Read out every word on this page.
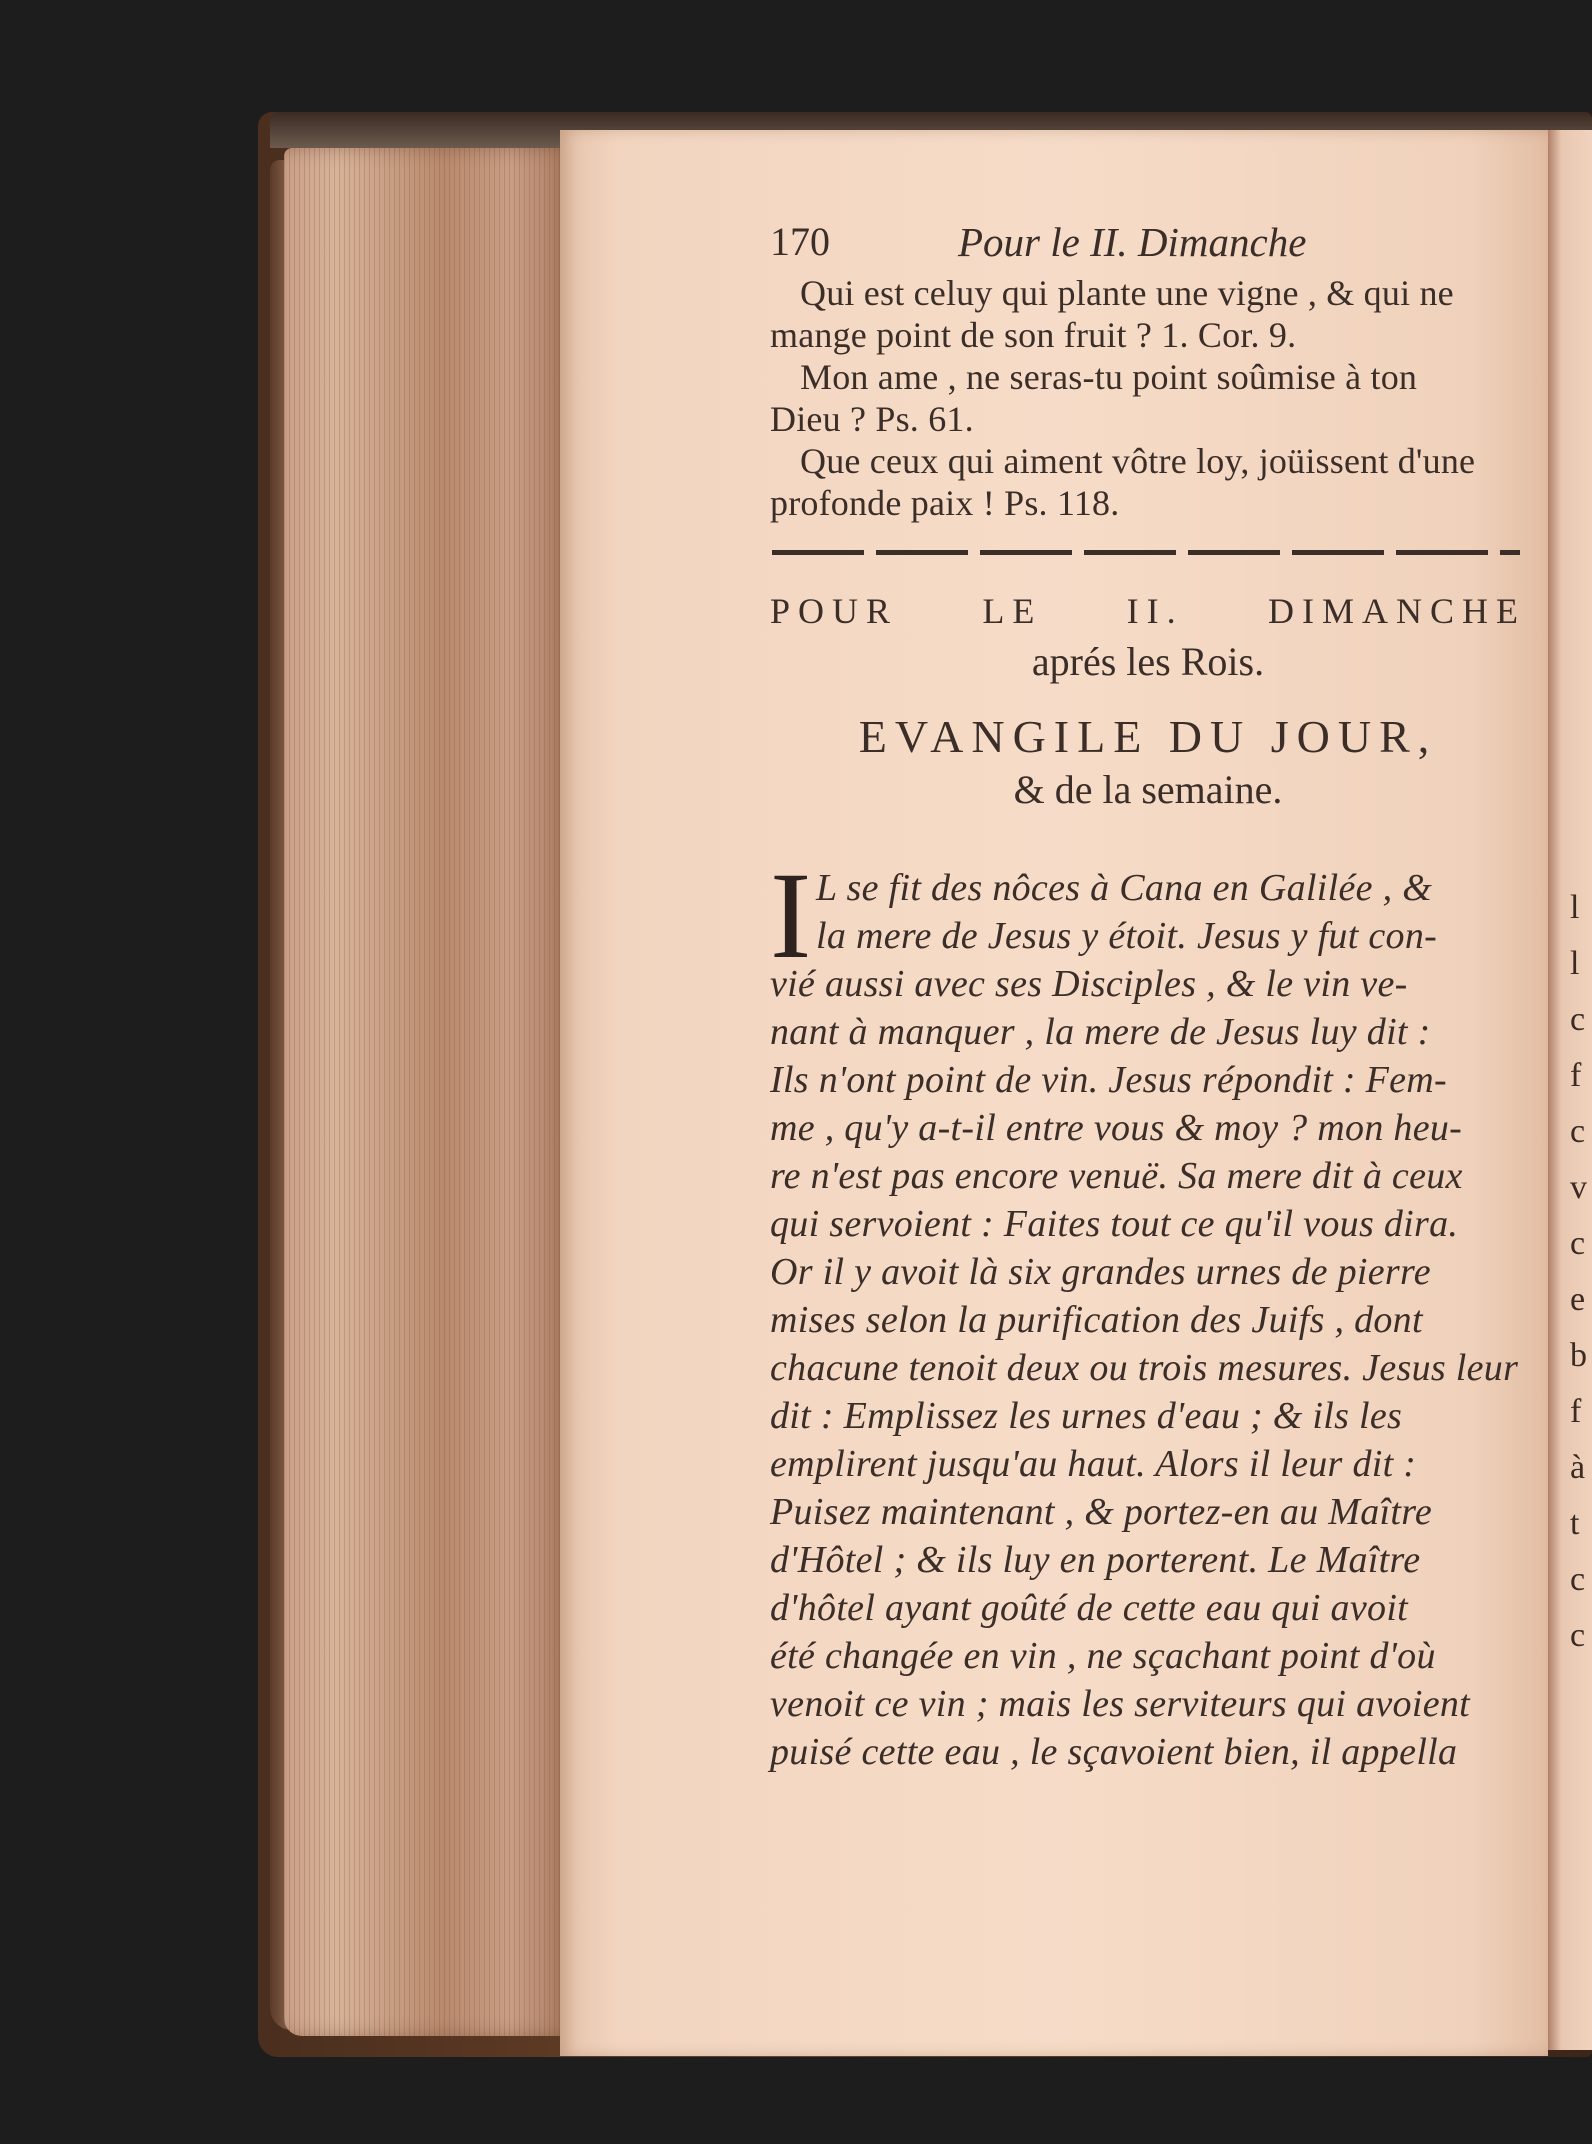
l
l
c
f
c
v
c
e
b
f
à
t
c
c
170	Pour le II. Dimanche
Qui est celuy qui plante une vigne , & qui ne
mange point de son fruit ? 1. Cor. 9.
Mon ame , ne seras-tu point soûmise à ton
Dieu ? Ps. 61.
Que ceux qui aiment vôtre loy, joüissent d'une
profonde paix ! Ps. 118.
POUR LE II. DIMANCHE
aprés les Rois.
EVANGILE DU JOUR,
& de la semaine.
I L se fit des nôces à Cana en Galilée , &
la mere de Jesus y étoit. Jesus y fut con-
vié aussi avec ses Disciples , & le vin ve-
nant à manquer , la mere de Jesus luy dit :
Ils n'ont point de vin. Jesus répondit : Fem-
me , qu'y a-t-il entre vous & moy ? mon heu-
re n'est pas encore venuë. Sa mere dit à ceux
qui servoient : Faites tout ce qu'il vous dira.
Or il y avoit là six grandes urnes de pierre
mises selon la purification des Juifs , dont
chacune tenoit deux ou trois mesures. Jesus leur
dit : Emplissez les urnes d'eau ; & ils les
emplirent jusqu'au haut. Alors il leur dit :
Puisez maintenant , & portez-en au Maître
d'Hôtel ; & ils luy en porterent. Le Maître
d'hôtel ayant goûté de cette eau qui avoit
été changée en vin , ne sçachant point d'où
venoit ce vin ; mais les serviteurs qui avoient
puisé cette eau , le sçavoient bien, il appella
